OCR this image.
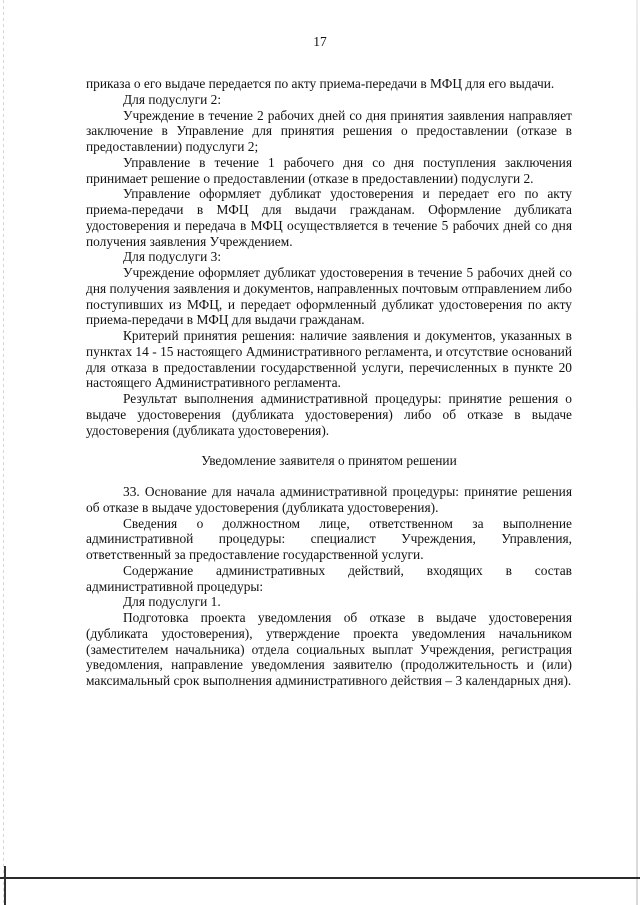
17

приказа о его выдаче передается по акту приема-передачи в МФЦ для его выдачи.

Для подуслуги 2:

Учреждение в течение 2 рабочих дней со дня принятия заявления направляет заключение в Управление для принятия решения о предоставлении (отказе в предоставлении) подуслуги 2;

Управление в течение 1 рабочего дня со дня поступления заключения принимает решение о предоставлении (отказе в предоставлении) подуслуги 2.

Управление оформляет дубликат удостоверения и передает его по акту приема-передачи в МФЦ для выдачи гражданам. Оформление дубликата удостоверения и передача в МФЦ осуществляется в течение 5 рабочих дней со дня получения заявления Учреждением.

Для подуслуги 3:

Учреждение оформляет дубликат удостоверения в течение 5 рабочих дней со дня получения заявления и документов, направленных почтовым отправлением либо поступивших из МФЦ, и передает оформленный дубликат удостоверения по акту приема-передачи в МФЦ для выдачи гражданам.

Критерий принятия решения: наличие заявления и документов, указанных в пунктах 14 - 15 настоящего Административного регламента, и отсутствие оснований для отказа в предоставлении государственной услуги, перечисленных в пункте 20 настоящего Административного регламента.

Результат выполнения административной процедуры: принятие решения о выдаче удостоверения (дубликата удостоверения) либо об отказе в выдаче удостоверения (дубликата удостоверения).

Уведомление заявителя о принятом решении

33. Основание для начала административной процедуры: принятие решения об отказе в выдаче удостоверения (дубликата удостоверения).

Сведения о должностном лице, ответственном за выполнение административной процедуры: специалист Учреждения, Управления, ответственный за предоставление государственной услуги.

Содержание административных действий, входящих в состав административной процедуры:

Для подуслуги 1.

Подготовка проекта уведомления об отказе в выдаче удостоверения (дубликата удостоверения), утверждение проекта уведомления начальником (заместителем начальника) отдела социальных выплат Учреждения, регистрация уведомления, направление уведомления заявителю (продолжительность и (или) максимальный срок выполнения административного действия – 3 календарных дня).
